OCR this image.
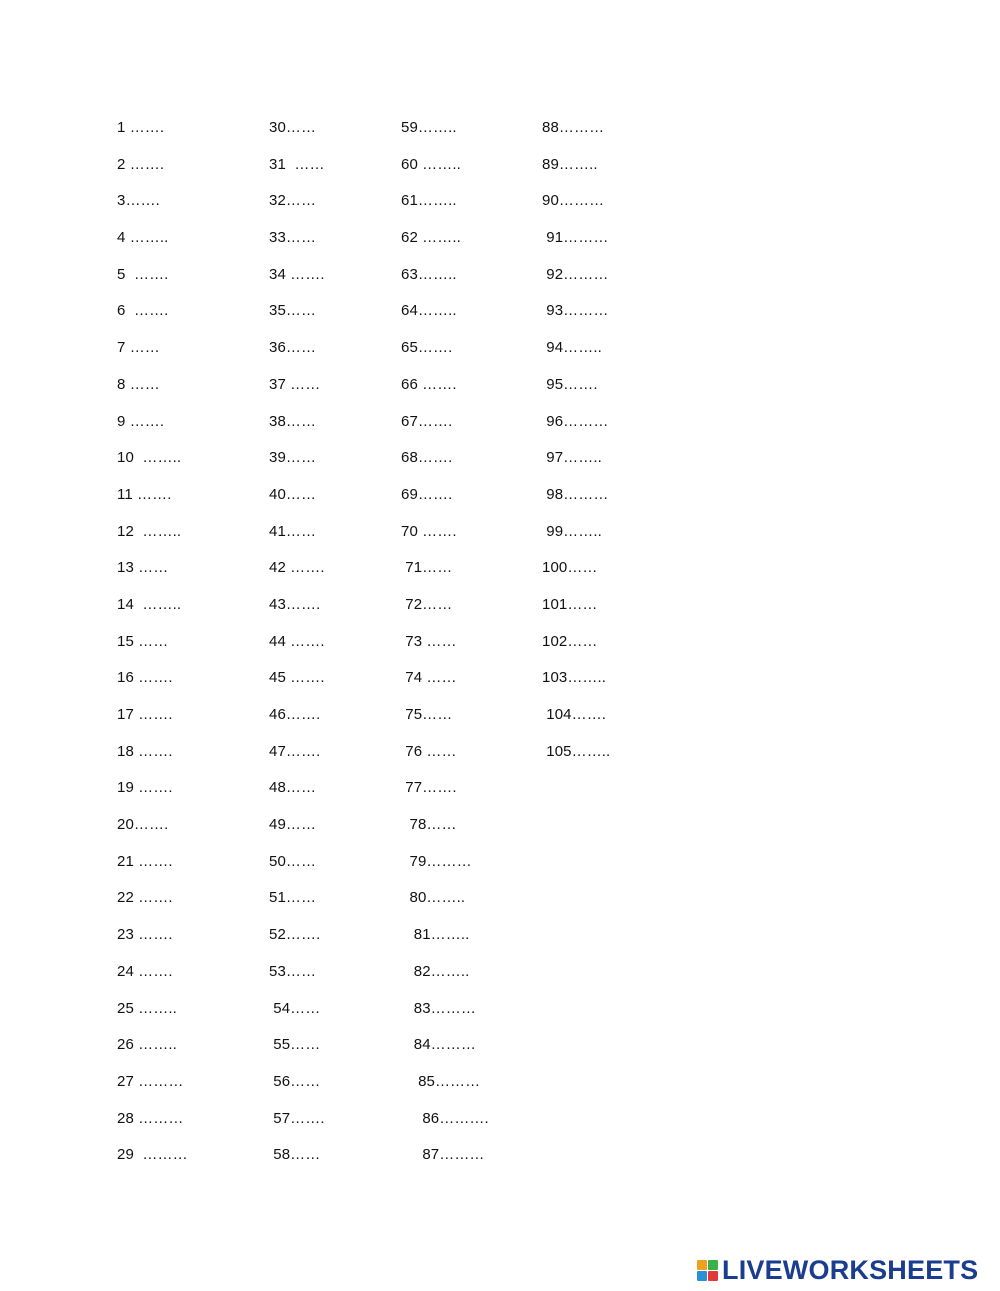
1 …….
2 …….
3…….
4 ……..
5  …….
6  …….
7 ……
8 ……
9 …….
10  ……..
11 …….
12  ……..
13 ……
14  ……..
15 ……
16 …….
17 …….
18 …….
19 …….
20…….
21 …….
22 …….
23 …….
24 …….
25 ……..
26 ……..
27 ………
28 ………
29  ………
30……
31  ……
32……
33……
34 …….
35……
36……
37 ……
38……
39……
40……
41……
42 …….
43…….
44 …….
45 …….
46…….
47…….
48……
49……
50……
51……
52…….
53……
54……
55……
56……
57…….
58……
59……..
60 ……..
61……..
62 ……..
63……..
64……..
65…….
66 …….
67…….
68…….
69…….
70 …….
71……
72……
73 ……
74 ……
75……
76 ……
77…….
78……
79………
80……..
81……..
82……..
83………
84………
85………
86……….
87………
88………
89……..
90………
91………
92………
93………
94……..
95…….
96………
97……..
98………
99……..
100……
101……
102……
103……..
104…….
105……..
LIVEWORKSHEETS
